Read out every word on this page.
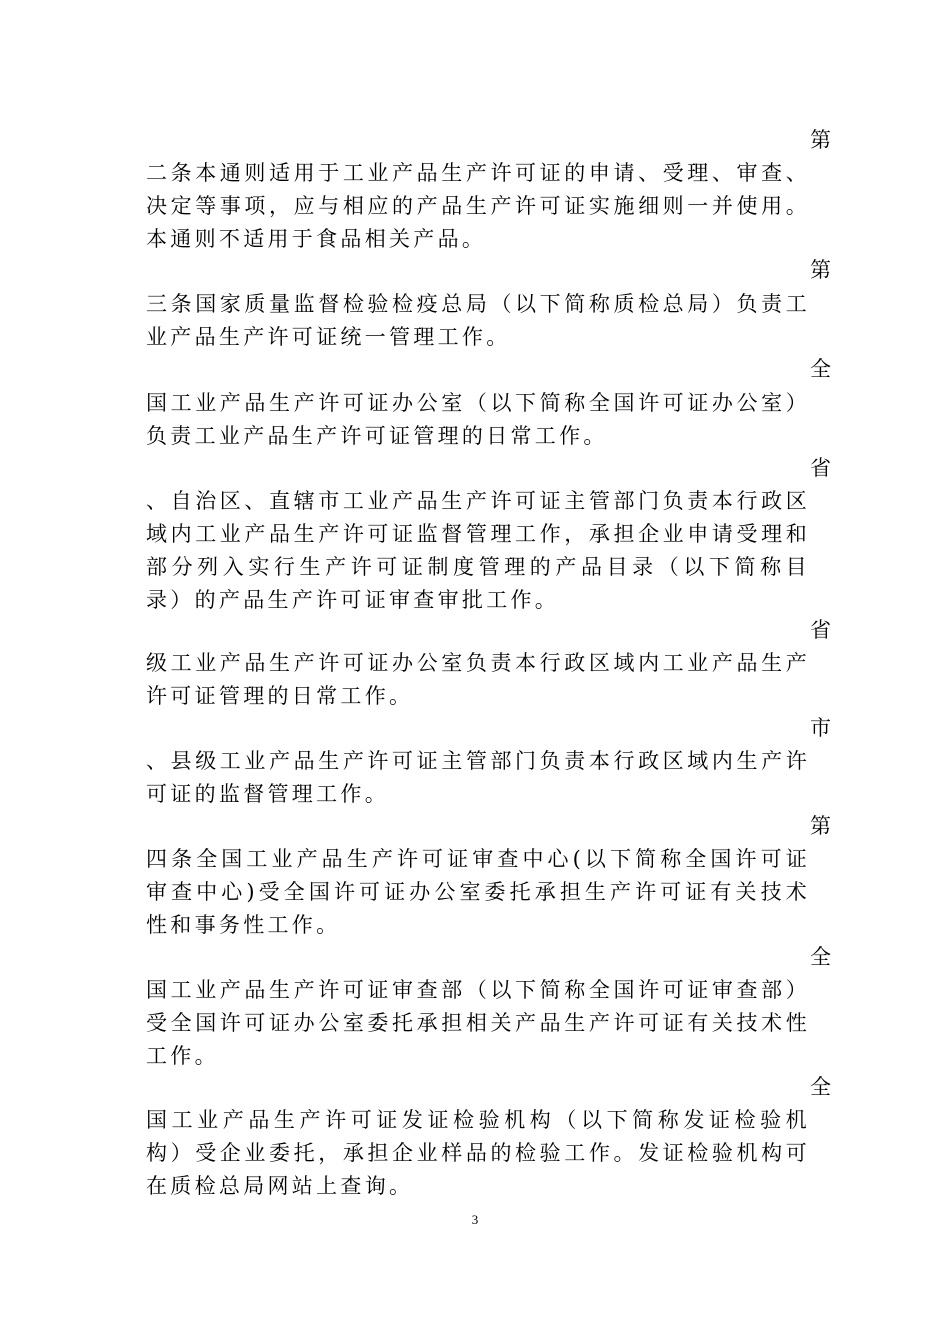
第
二条本通则适用于工业产品生产许可证的申请、受理、审查、决定等事项，应与相应的产品生产许可证实施细则一并使用。本通则不适用于食品相关产品。
第
三条国家质量监督检验检疫总局（以下简称质检总局）负责工业产品生产许可证统一管理工作。
全
国工业产品生产许可证办公室（以下简称全国许可证办公室）负责工业产品生产许可证管理的日常工作。
省
、自治区、直辖市工业产品生产许可证主管部门负责本行政区域内工业产品生产许可证监督管理工作，承担企业申请受理和部分列入实行生产许可证制度管理的产品目录（以下简称目录）的产品生产许可证审查审批工作。
省
级工业产品生产许可证办公室负责本行政区域内工业产品生产许可证管理的日常工作。
市
、县级工业产品生产许可证主管部门负责本行政区域内生产许可证的监督管理工作。
第
四条全国工业产品生产许可证审查中心(以下简称全国许可证审查中心)受全国许可证办公室委托承担生产许可证有关技术性和事务性工作。
全
国工业产品生产许可证审查部（以下简称全国许可证审查部）受全国许可证办公室委托承担相关产品生产许可证有关技术性工作。
全
国工业产品生产许可证发证检验机构（以下简称发证检验机构）受企业委托，承担企业样品的检验工作。发证检验机构可在质检总局网站上查询。
3
